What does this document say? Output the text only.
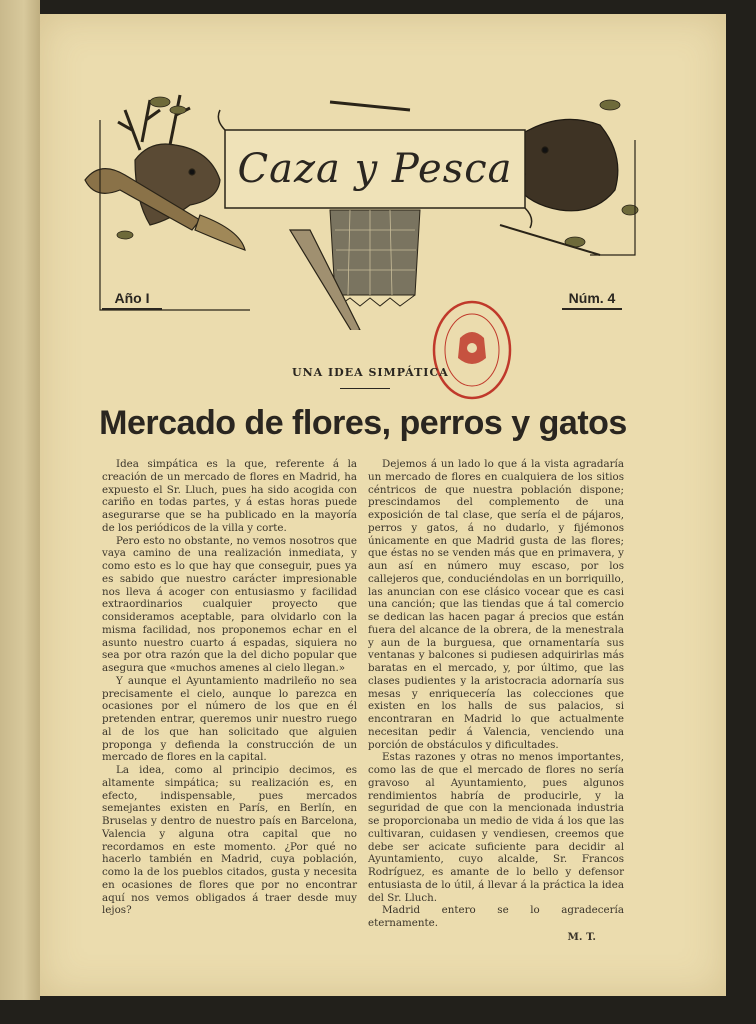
Caza y Pesca
Año I	Núm. 4
UNA IDEA SIMPÁTICA
Mercado de flores, perros y gatos

Idea simpática es la que, referente á la creación de un mercado de flores en Madrid, ha expuesto el Sr. Lluch, pues ha sido acogida con cariño en todas partes, y á estas horas puede asegurarse que se ha publicado en la mayoría de los periódicos de la villa y corte.

Pero esto no obstante, no vemos nosotros que vaya camino de una realización inmediata, y como esto es lo que hay que conseguir, pues ya es sabido que nuestro carácter impresionable nos lleva á acoger con entusiasmo y facilidad extraordinarios cualquier proyecto que consideramos aceptable, para olvidarlo con la misma facilidad, nos proponemos echar en el asunto nuestro cuarto á espadas, siquiera no sea por otra razón que la del dicho popular que asegura que «muchos amenes al cielo llegan.»

Y aunque el Ayuntamiento madrileño no sea precisamente el cielo, aunque lo parezca en ocasiones por el número de los que en él pretenden entrar, queremos unir nuestro ruego al de los que han solicitado que alguien proponga y defienda la construcción de un mercado de flores en la capital.

La idea, como al principio decimos, es altamente simpática; su realización es, en efecto, indispensable, pues mercados semejantes existen en París, en Berlín, en Bruselas y dentro de nuestro país en Barcelona, Valencia y alguna otra capital que no recordamos en este momento. ¿Por qué no hacerlo también en Madrid, cuya población, como la de los pueblos citados, gusta y necesita en ocasiones de flores que por no encontrar aquí nos vemos obligados á traer desde muy lejos?

Dejemos á un lado lo que á la vista agradaría un mercado de flores en cualquiera de los sitios céntricos de que nuestra población dispone; prescindamos del complemento de una exposición de tal clase, que sería el de pájaros, perros y gatos, á no dudarlo, y fijémonos únicamente en que Madrid gusta de las flores; que éstas no se venden más que en primavera, y aun así en número muy escaso, por los callejeros que, conduciéndolas en un borriquillo, las anuncian con ese clásico vocear que es casi una canción; que las tiendas que á tal comercio se dedican las hacen pagar á precios que están fuera del alcance de la obrera, de la menestrala y aun de la burguesa, que ornamentaría sus ventanas y balcones si pudiesen adquirirlas más baratas en el mercado, y, por último, que las clases pudientes y la aristocracia adornaría sus mesas y enriquecería las colecciones que existen en los halls de sus palacios, si encontraran en Madrid lo que actualmente necesitan pedir á Valencia, venciendo una porción de obstáculos y dificultades.

Estas razones y otras no menos importantes, como las de que el mercado de flores no sería gravoso al Ayuntamiento, pues algunos rendimientos habría de producirle, y la seguridad de que con la mencionada industria se proporcionaba un medio de vida á los que las cultivaran, cuidasen y vendiesen, creemos que debe ser acicate suficiente para decidir al Ayuntamiento, cuyo alcalde, Sr. Francos Rodríguez, es amante de lo bello y defensor entusiasta de lo útil, á llevar á la práctica la idea del Sr. Lluch.

Madrid entero se lo agradecería eternamente.

M. T.
